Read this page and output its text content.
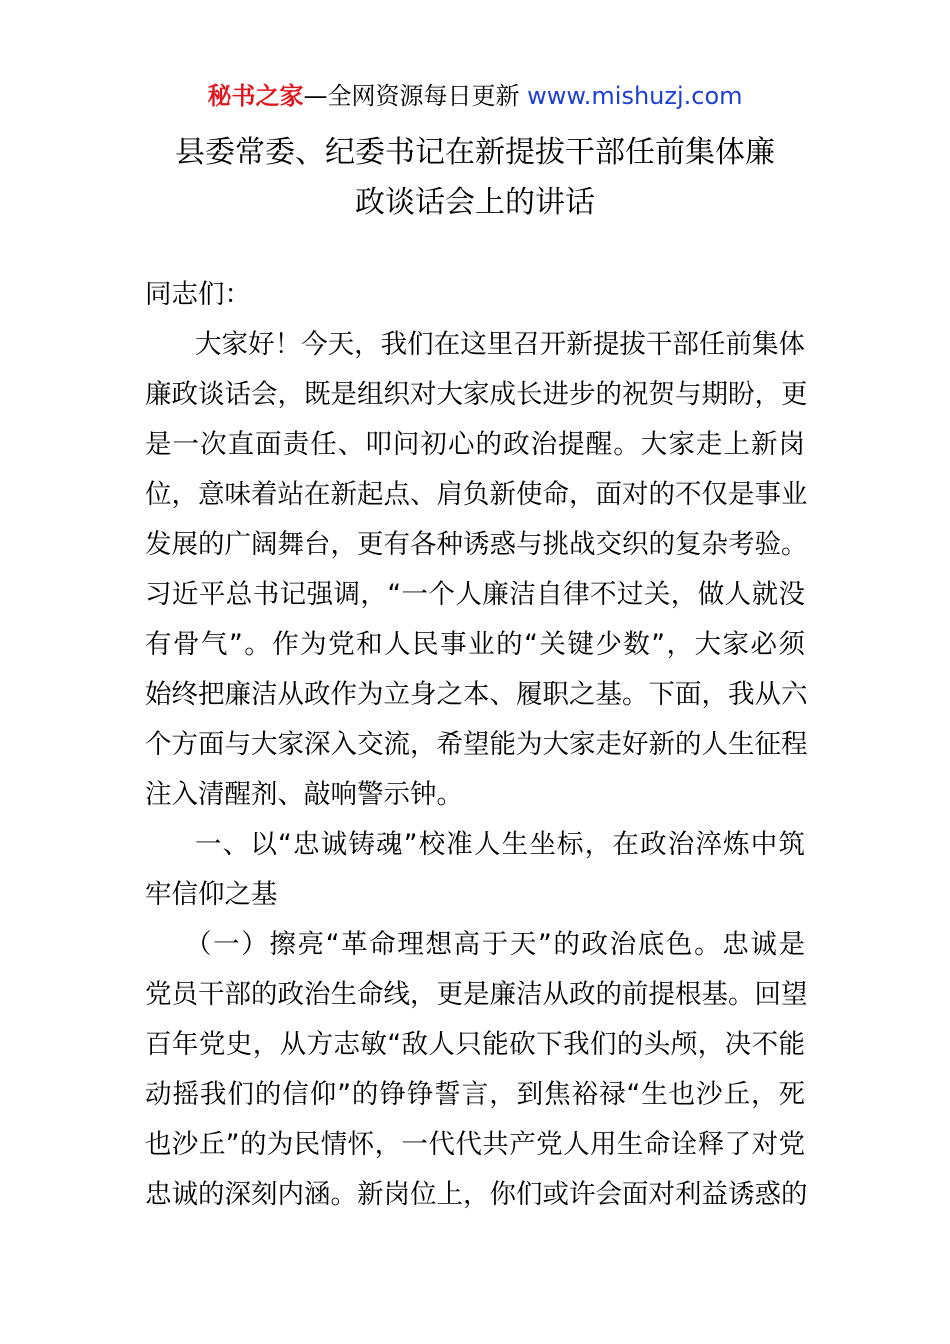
秘书之家—全网资源每日更新 www.mishuzj.com
县委常委、纪委书记在新提拔干部任前集体廉
政谈话会上的讲话
同志们：
大家好！今天，我们在这里召开新提拔干部任前集体
廉政谈话会，既是组织对大家成长进步的祝贺与期盼，更
是一次直面责任、叩问初心的政治提醒。大家走上新岗
位，意味着站在新起点、肩负新使命，面对的不仅是事业
发展的广阔舞台，更有各种诱惑与挑战交织的复杂考验。
习近平总书记强调，“一个人廉洁自律不过关，做人就没
有骨气”。作为党和人民事业的“关键少数”，大家必须
始终把廉洁从政作为立身之本、履职之基。下面，我从六
个方面与大家深入交流，希望能为大家走好新的人生征程
注入清醒剂、敲响警示钟。
一、以“忠诚铸魂”校准人生坐标，在政治淬炼中筑
牢信仰之基
（一）擦亮“革命理想高于天”的政治底色。忠诚是
党员干部的政治生命线，更是廉洁从政的前提根基。回望
百年党史，从方志敏“敌人只能砍下我们的头颅，决不能
动摇我们的信仰”的铮铮誓言，到焦裕禄“生也沙丘，死
也沙丘”的为民情怀，一代代共产党人用生命诠释了对党
忠诚的深刻内涵。新岗位上，你们或许会面对利益诱惑的
